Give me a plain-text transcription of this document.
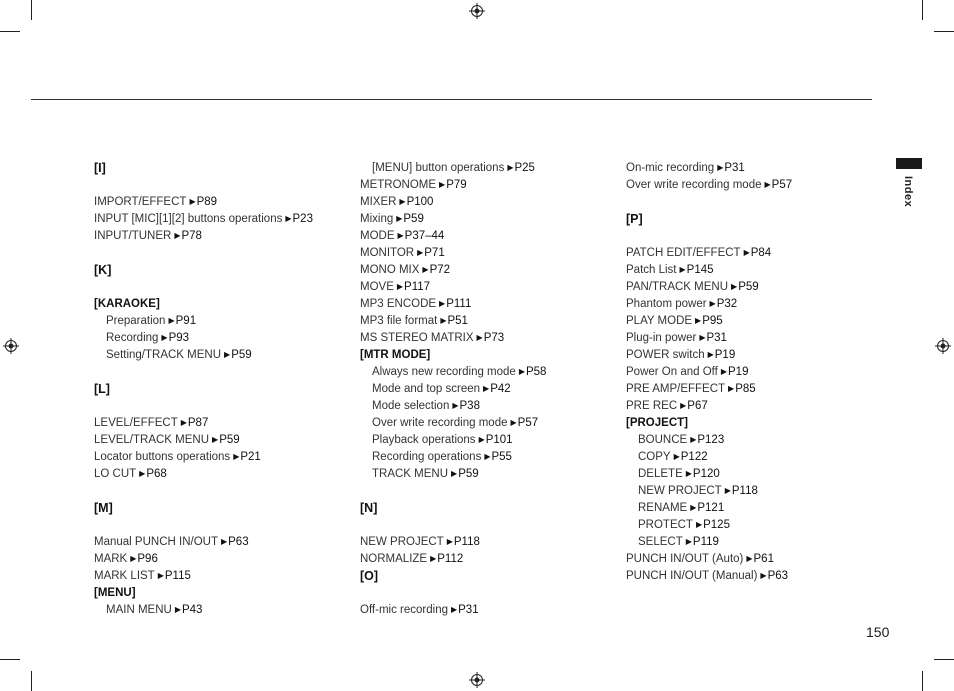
Index
[I]
IMPORT/EFFECT ▶P89
INPUT [MIC][1][2] buttons operations ▶P23
INPUT/TUNER ▶P78
[K]
[KARAOKE]
Preparation ▶P91
Recording ▶P93
Setting/TRACK MENU ▶P59
[L]
LEVEL/EFFECT ▶P87
LEVEL/TRACK MENU ▶P59
Locator buttons operations ▶P21
LO CUT ▶P68
[M]
Manual PUNCH IN/OUT ▶P63
MARK ▶P96
MARK LIST ▶P115
[MENU]
MAIN MENU ▶P43
[MENU] button operations ▶P25
METRONOME ▶P79
MIXER ▶P100
Mixing ▶P59
MODE ▶P37–44
MONITOR ▶P71
MONO MIX ▶P72
MOVE ▶P117
MP3 ENCODE ▶P111
MP3 file format ▶P51
MS STEREO MATRIX ▶P73
[MTR MODE]
Always new recording mode ▶P58
Mode and top screen ▶P42
Mode selection ▶P38
Over write recording mode ▶P57
Playback operations ▶P101
Recording operations ▶P55
TRACK MENU ▶P59
[N]
NEW PROJECT ▶P118
NORMALIZE ▶P112
[O]
Off-mic recording ▶P31
On-mic recording ▶P31
Over write recording mode ▶P57
[P]
PATCH EDIT/EFFECT ▶P84
Patch List ▶P145
PAN/TRACK MENU ▶P59
Phantom power ▶P32
PLAY MODE ▶P95
Plug-in power ▶P31
POWER switch ▶P19
Power On and Off ▶P19
PRE AMP/EFFECT ▶P85
PRE REC ▶P67
[PROJECT]
BOUNCE ▶P123
COPY ▶P122
DELETE ▶P120
NEW PROJECT ▶P118
RENAME ▶P121
PROTECT ▶P125
SELECT ▶P119
PUNCH IN/OUT (Auto) ▶P61
PUNCH IN/OUT (Manual) ▶P63
150
